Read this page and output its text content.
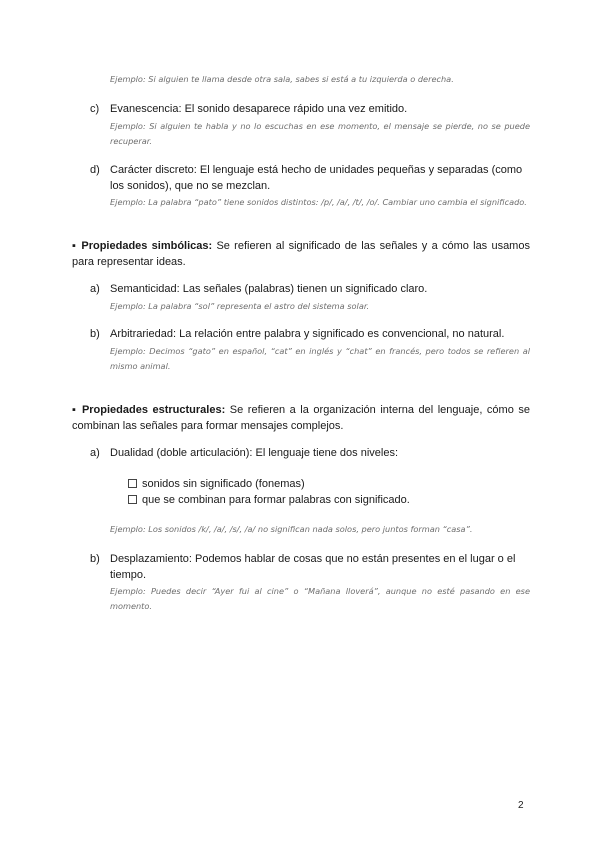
Ejemplo: Si alguien te llama desde otra sala, sabes si está a tu izquierda o derecha.
c) Evanescencia: El sonido desaparece rápido una vez emitido.
Ejemplo: Si alguien te habla y no lo escuchas en ese momento, el mensaje se pierde, no se puede recuperar.
d) Carácter discreto: El lenguaje está hecho de unidades pequeñas y separadas (como los sonidos), que no se mezclan.
Ejemplo: La palabra “pato” tiene sonidos distintos: /p/, /a/, /t/, /o/. Cambiar uno cambia el significado.
▪ Propiedades simbólicas: Se refieren al significado de las señales y a cómo las usamos para representar ideas.
a) Semanticidad: Las señales (palabras) tienen un significado claro.
Ejemplo: La palabra “sol” representa el astro del sistema solar.
b) Arbitrariedad: La relación entre palabra y significado es convencional, no natural.
Ejemplo: Decimos “gato” en español, “cat” en inglés y “chat” en francés, pero todos se refieren al mismo animal.
▪ Propiedades estructurales: Se refieren a la organización interna del lenguaje, cómo se combinan las señales para formar mensajes complejos.
a) Dualidad (doble articulación): El lenguaje tiene dos niveles:
sonidos sin significado (fonemas)
que se combinan para formar palabras con significado.
Ejemplo: Los sonidos /k/, /a/, /s/, /a/ no significan nada solos, pero juntos forman “casa”.
b) Desplazamiento: Podemos hablar de cosas que no están presentes en el lugar o el tiempo.
Ejemplo: Puedes decir “Ayer fui al cine” o “Mañana lloverá”, aunque no esté pasando en ese momento.
2
